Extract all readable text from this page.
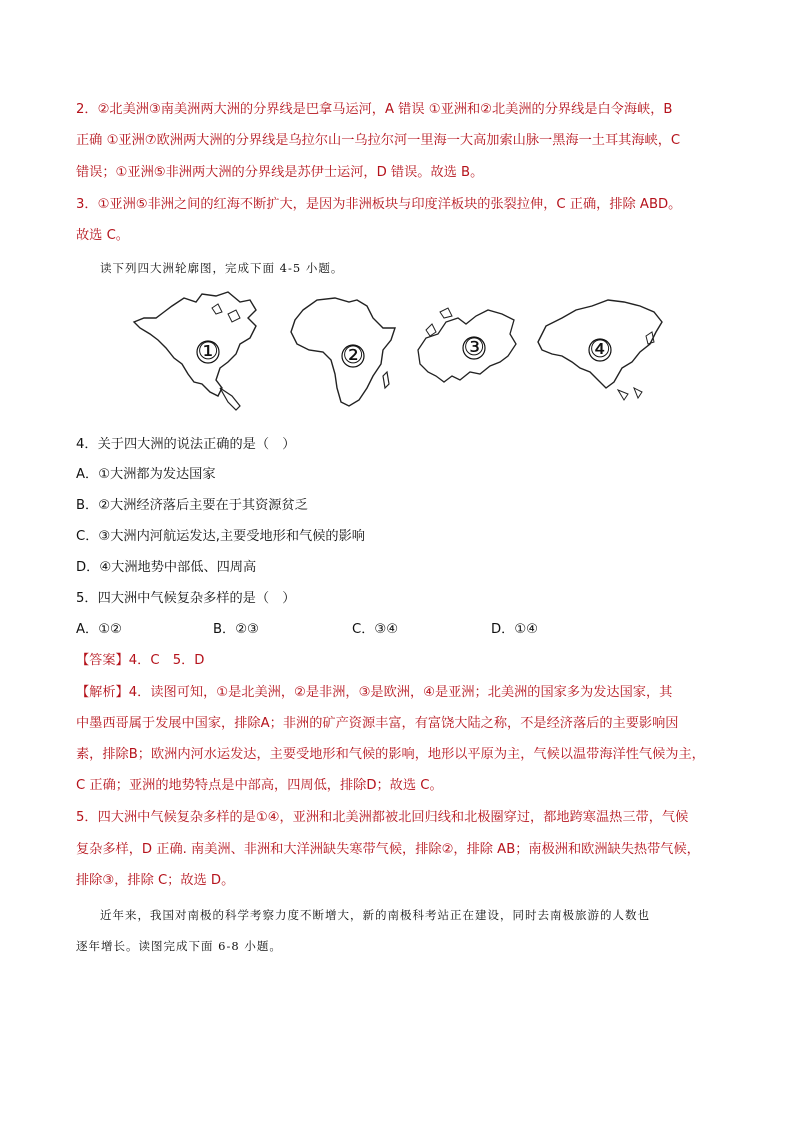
2．②北美洲③南美洲两大洲的分界线是巴拿马运河，A 错误 ①亚洲和②北美洲的分界线是白令海峡，B
正确 ①亚洲⑦欧洲两大洲的分界线是乌拉尔山一乌拉尔河一里海一大高加索山脉一黑海一土耳其海峡，C
错误；①亚洲⑤非洲两大洲的分界线是苏伊士运河，D 错误。故选 B。
3．①亚洲⑤非洲之间的红海不断扩大，是因为非洲板块与印度洋板块的张裂拉伸，C 正确，排除 ABD。
故选 C。
读下列四大洲轮廓图，完成下面 4-5 小题。
①	②	③	④
4．关于四大洲的说法正确的是（　）
A．①大洲都为发达国家
B．②大洲经济落后主要在于其资源贫乏
C．③大洲内河航运发达,主要受地形和气候的影响
D．④大洲地势中部低、四周高
5．四大洲中气候复杂多样的是（　）
A．①②	B．②③	C．③④	D．①④
【答案】4．C　5．D
【解析】4．读图可知，①是北美洲，②是非洲，③是欧洲，④是亚洲；北美洲的国家多为发达国家，其
中墨西哥属于发展中国家，排除A；非洲的矿产资源丰富，有富饶大陆之称，不是经济落后的主要影响因
素，排除B；欧洲内河水运发达，主要受地形和气候的影响，地形以平原为主，气候以温带海洋性气候为主，
C 正确；亚洲的地势特点是中部高，四周低，排除D；故选 C。
5．四大洲中气候复杂多样的是①④，亚洲和北美洲都被北回归线和北极圈穿过，都地跨寒温热三带，气候
复杂多样，D 正确. 南美洲、非洲和大洋洲缺失寒带气候，排除②，排除 AB；南极洲和欧洲缺失热带气候，
排除③，排除 C；故选 D。
近年来，我国对南极的科学考察力度不断增大，新的南极科考站正在建设，同时去南极旅游的人数也
逐年增长。读图完成下面 6-8 小题。
